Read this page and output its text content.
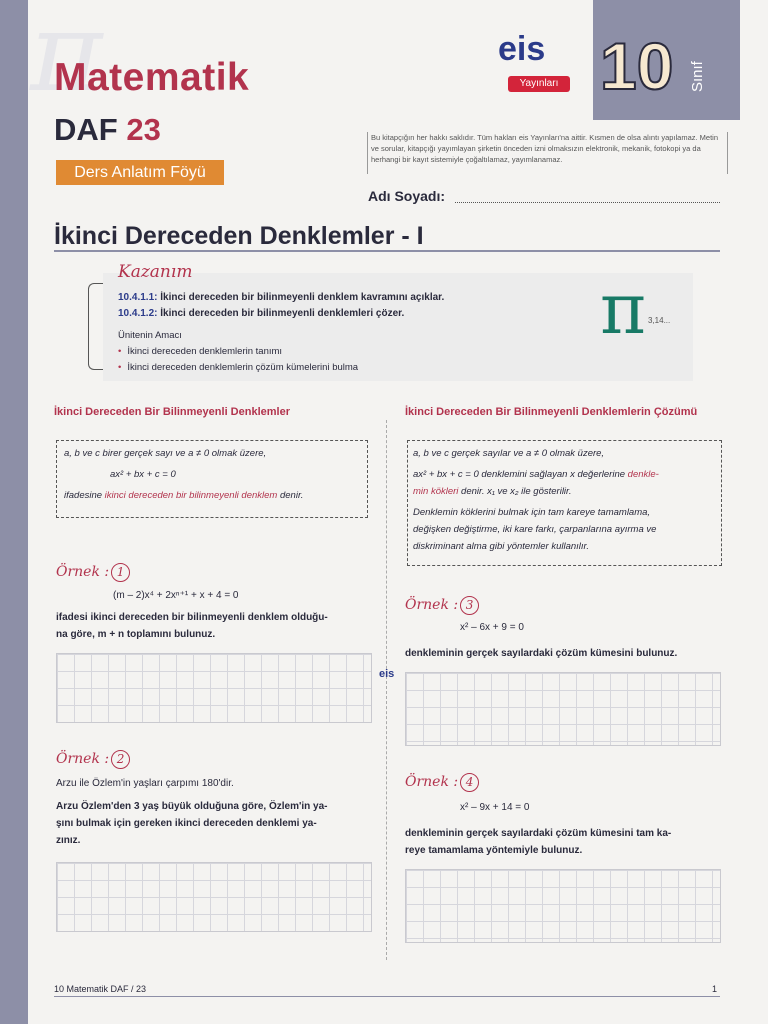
π
Matematik
DAF 23
Ders Anlatım Föyü
eis
Yayınları 10 Sınıf
Bu kitapçığın her hakkı saklıdır. Tüm hakları eis Yayınları'na aittir. Kısmen de olsa alıntı yapılamaz. Metin ve sorular, kitapçığı yayımlayan şirketin önceden izni olmaksızın elektronik, mekanik, fotokopi ya da herhangi bir kayıt sistemiyle çoğaltılamaz, yayımlanamaz.
Adı Soyadı:
İkinci Dereceden Denklemler - I
Kazanım
10.4.1.1: İkinci dereceden bir bilinmeyenli denklem kavramını açıklar.
10.4.1.2: İkinci dereceden bir bilinmeyenli denklemleri çözer.
Ünitenin Amacı
• İkinci dereceden denklemlerin tanımı
• İkinci dereceden denklemlerin çözüm kümelerini bulma
π 3,14...
İkinci Dereceden Bir Bilinmeyenli Denklemler
a, b ve c birer gerçek sayı ve a ≠ 0 olmak üzere,
ax² + bx + c = 0
ifadesine ikinci dereceden bir bilinmeyenli denklem denir.
Örnek : 1
(m – 2)x⁴ + 2xⁿ⁺¹ + x + 4 = 0
ifadesi ikinci dereceden bir bilinmeyenli denklem olduğu-
na göre, m + n toplamını bulunuz.
Örnek : 2
Arzu ile Özlem'in yaşları çarpımı 180'dir.
Arzu Özlem'den 3 yaş büyük olduğuna göre, Özlem'in ya-
şını bulmak için gereken ikinci dereceden denklemi ya-
zınız.
İkinci Dereceden Bir Bilinmeyenli Denklemlerin Çözümü
a, b ve c gerçek sayılar ve a ≠ 0 olmak üzere,
ax² + bx + c = 0 denklemini sağlayan x değerlerine denkle-
min kökleri denir. x₁ ve x₂ ile gösterilir.
Denklemin köklerini bulmak için tam kareye tamamlama,
değişken değiştirme, iki kare farkı, çarpanlarına ayırma ve
diskriminant alma gibi yöntemler kullanılır.
Örnek : 3
x² – 6x + 9 = 0
denkleminin gerçek sayılardaki çözüm kümesini bulunuz.
Örnek : 4
x² – 9x + 14 = 0
denkleminin gerçek sayılardaki çözüm kümesini tam ka-
reye tamamlama yöntemiyle bulunuz.
eis
10 Matematik DAF / 23	1
